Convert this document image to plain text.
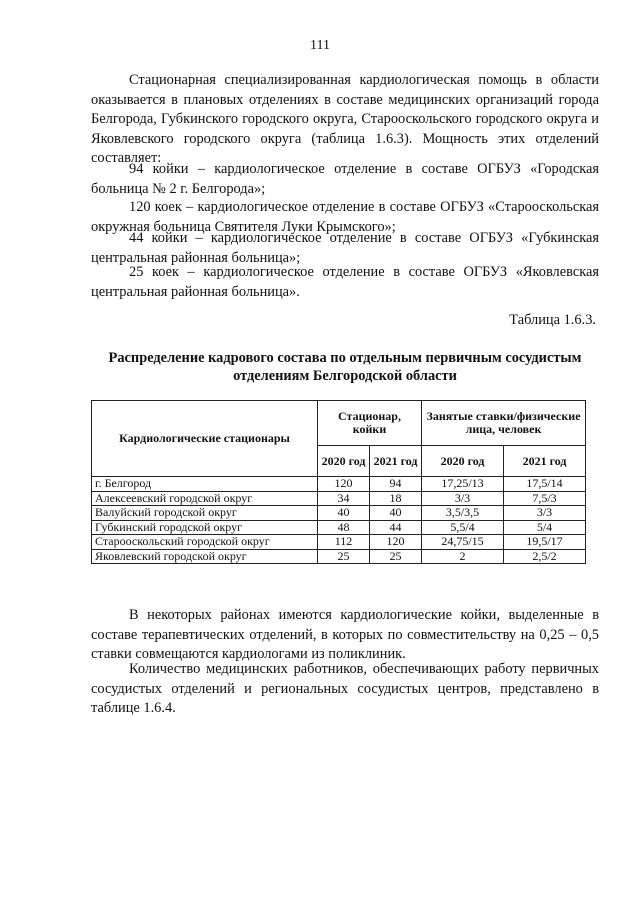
111

Стационарная специализированная кардиологическая помощь в области оказывается в плановых отделениях в составе медицинских организаций города Белгорода, Губкинского городского округа, Старооскольского городского округа и Яковлевского городского округа (таблица 1.6.3). Мощность этих отделений составляет:

94 койки – кардиологическое отделение в составе ОГБУЗ «Городская больница № 2 г. Белгорода»;

120 коек – кардиологическое отделение в составе ОГБУЗ «Старооскольская окружная больница Святителя Луки Крымского»;

44 койки – кардиологическое отделение в составе ОГБУЗ «Губкинская центральная районная больница»;

25 коек – кардиологическое отделение в составе ОГБУЗ «Яковлевская центральная районная больница».

Таблица 1.6.3.

Распределение кадрового состава по отдельным первичным сосудистым отделениям Белгородской области

Кардиологические стационары	Стационар, койки		Занятые ставки/физические лица, человек	
	2020 год	2021 год	2020 год	2021 год
г. Белгород	120	94	17,25/13	17,5/14
Алексеевский городской округ	34	18	3/3	7,5/3
Валуйский городской округ	40	40	3,5/3,5	3/3
Губкинский городской округ	48	44	5,5/4	5/4
Старооскольский городской округ	112	120	24,75/15	19,5/17
Яковлевский городской округ	25	25	2	2,5/2

В некоторых районах имеются кардиологические койки, выделенные в составе терапевтических отделений, в которых по совместительству на 0,25 – 0,5 ставки совмещаются кардиологами из поликлиник.

Количество медицинских работников, обеспечивающих работу первичных сосудистых отделений и региональных сосудистых центров, представлено в таблице 1.6.4.
